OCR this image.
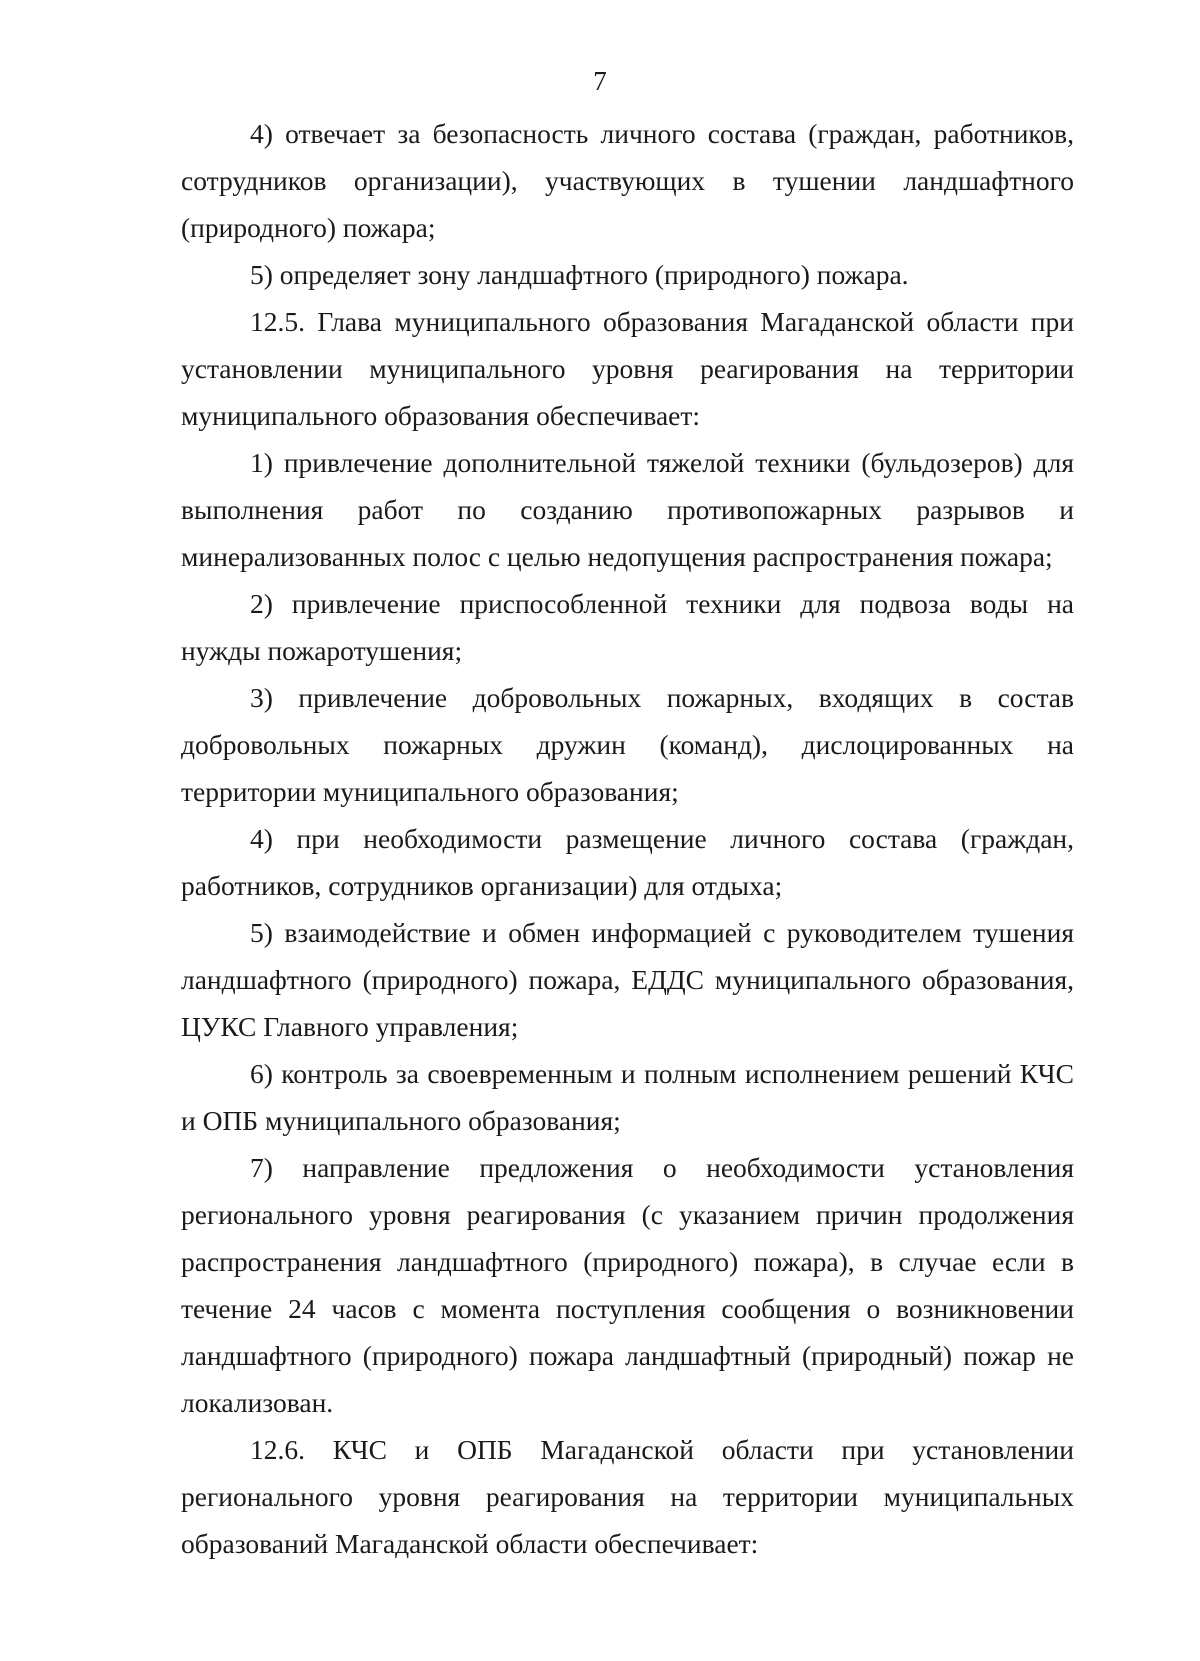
7

4) отвечает за безопасность личного состава (граждан, работников, сотрудников организации), участвующих в тушении ландшафтного (природного) пожара;

5) определяет зону ландшафтного (природного) пожара.

12.5. Глава муниципального образования Магаданской области при установлении муниципального уровня реагирования на территории муниципального образования обеспечивает:

1) привлечение дополнительной тяжелой техники (бульдозеров) для выполнения работ по созданию противопожарных разрывов и минерализованных полос с целью недопущения распространения пожара;

2) привлечение приспособленной техники для подвоза воды на нужды пожаротушения;

3) привлечение добровольных пожарных, входящих в состав добровольных пожарных дружин (команд), дислоцированных на территории муниципального образования;

4) при необходимости размещение личного состава (граждан, работников, сотрудников организации) для отдыха;

5) взаимодействие и обмен информацией с руководителем тушения ландшафтного (природного) пожара, ЕДДС муниципального образования, ЦУКС Главного управления;

6) контроль за своевременным и полным исполнением решений КЧС и ОПБ муниципального образования;

7) направление предложения о необходимости установления регионального уровня реагирования (с указанием причин продолжения распространения ландшафтного (природного) пожара), в случае если в течение 24 часов с момента поступления сообщения о возникновении ландшафтного (природного) пожара ландшафтный (природный) пожар не локализован.

12.6. КЧС и ОПБ Магаданской области при установлении регионального уровня реагирования на территории муниципальных образований Магаданской области обеспечивает:
